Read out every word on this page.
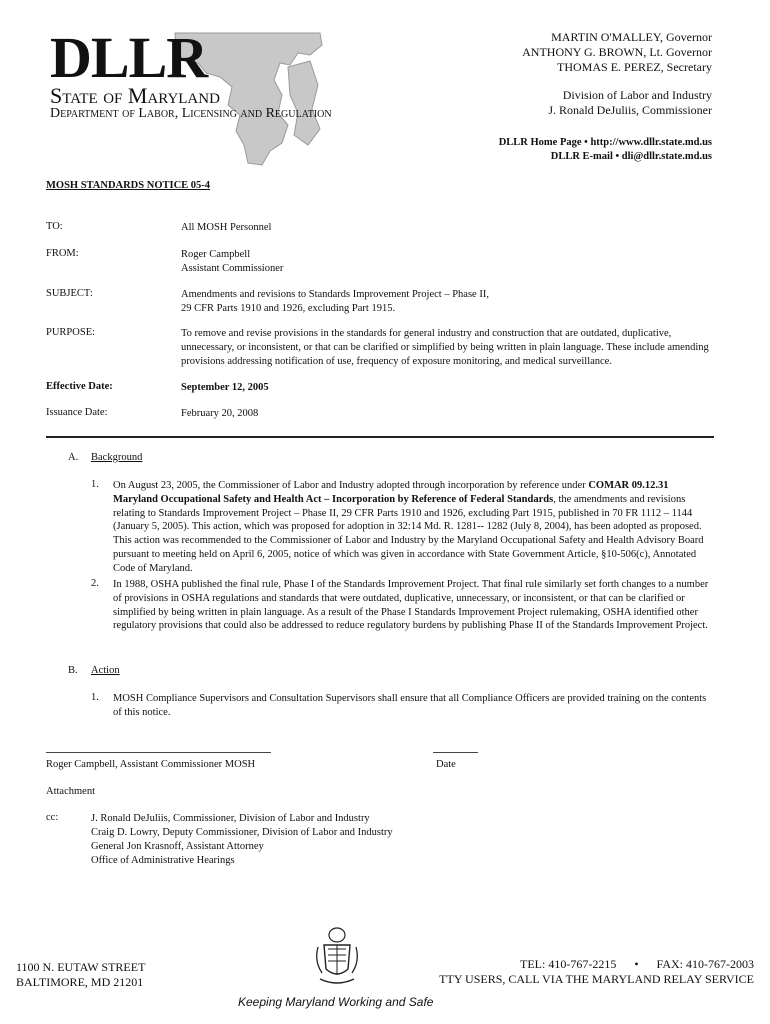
DLLR
State of Maryland
Department of Labor, Licensing and Regulation
MARTIN O'MALLEY, Governor
ANTHONY G. BROWN, Lt. Governor
THOMAS E. PEREZ, Secretary
Division of Labor and Industry
J. Ronald DeJuliis, Commissioner
DLLR Home Page • http://www.dllr.state.md.us
DLLR E-mail • dli@dllr.state.md.us
MOSH STANDARDS NOTICE 05-4
TO:	All MOSH Personnel
FROM:	Roger Campbell
Assistant Commissioner
SUBJECT:	Amendments and revisions to Standards Improvement Project – Phase II,
29 CFR Parts 1910 and 1926, excluding Part 1915.
PURPOSE:	To remove and revise provisions in the standards for general industry and construction that are outdated, duplicative, unnecessary, or inconsistent, or that can be clarified or simplified by being written in plain language. These include amending provisions addressing notification of use, frequency of exposure monitoring, and medical surveillance.
Effective Date:	September 12, 2005
Issuance Date:	February 20, 2008
A. Background
1. On August 23, 2005, the Commissioner of Labor and Industry adopted through incorporation by reference under COMAR 09.12.31 Maryland Occupational Safety and Health Act – Incorporation by Reference of Federal Standards, the amendments and revisions relating to Standards Improvement Project – Phase II, 29 CFR Parts 1910 and 1926, excluding Part 1915, published in 70 FR 1112 – 1144 (January 5, 2005). This action, which was proposed for adoption in 32:14 Md. R. 1281-- 1282 (July 8, 2004), has been adopted as proposed. This action was recommended to the Commissioner of Labor and Industry by the Maryland Occupational Safety and Health Advisory Board pursuant to meeting held on April 6, 2005, notice of which was given in accordance with State Government Article, §10-506(c), Annotated Code of Maryland.
2. In 1988, OSHA published the final rule, Phase I of the Standards Improvement Project. That final rule similarly set forth changes to a number of provisions in OSHA regulations and standards that were outdated, duplicative, unnecessary, or inconsistent, or that can be clarified or simplified by being written in plain language. As a result of the Phase I Standards Improvement Project rulemaking, OSHA identified other regulatory provisions that could also be addressed to reduce regulatory burdens by publishing Phase II of the Standards Improvement Project.
B. Action
1. MOSH Compliance Supervisors and Consultation Supervisors shall ensure that all Compliance Officers are provided training on the contents of this notice.
Roger Campbell, Assistant Commissioner MOSH	Date
Attachment
cc:	J. Ronald DeJuliis, Commissioner, Division of Labor and Industry
Craig D. Lowry, Deputy Commissioner, Division of Labor and Industry
General Jon Krasnoff, Assistant Attorney
Office of Administrative Hearings
1100 N. EUTAW STREET
BALTIMORE, MD 21201
TEL: 410-767-2215 • FAX: 410-767-2003
TTY USERS, CALL VIA THE MARYLAND RELAY SERVICE
Keeping Maryland Working and Safe
